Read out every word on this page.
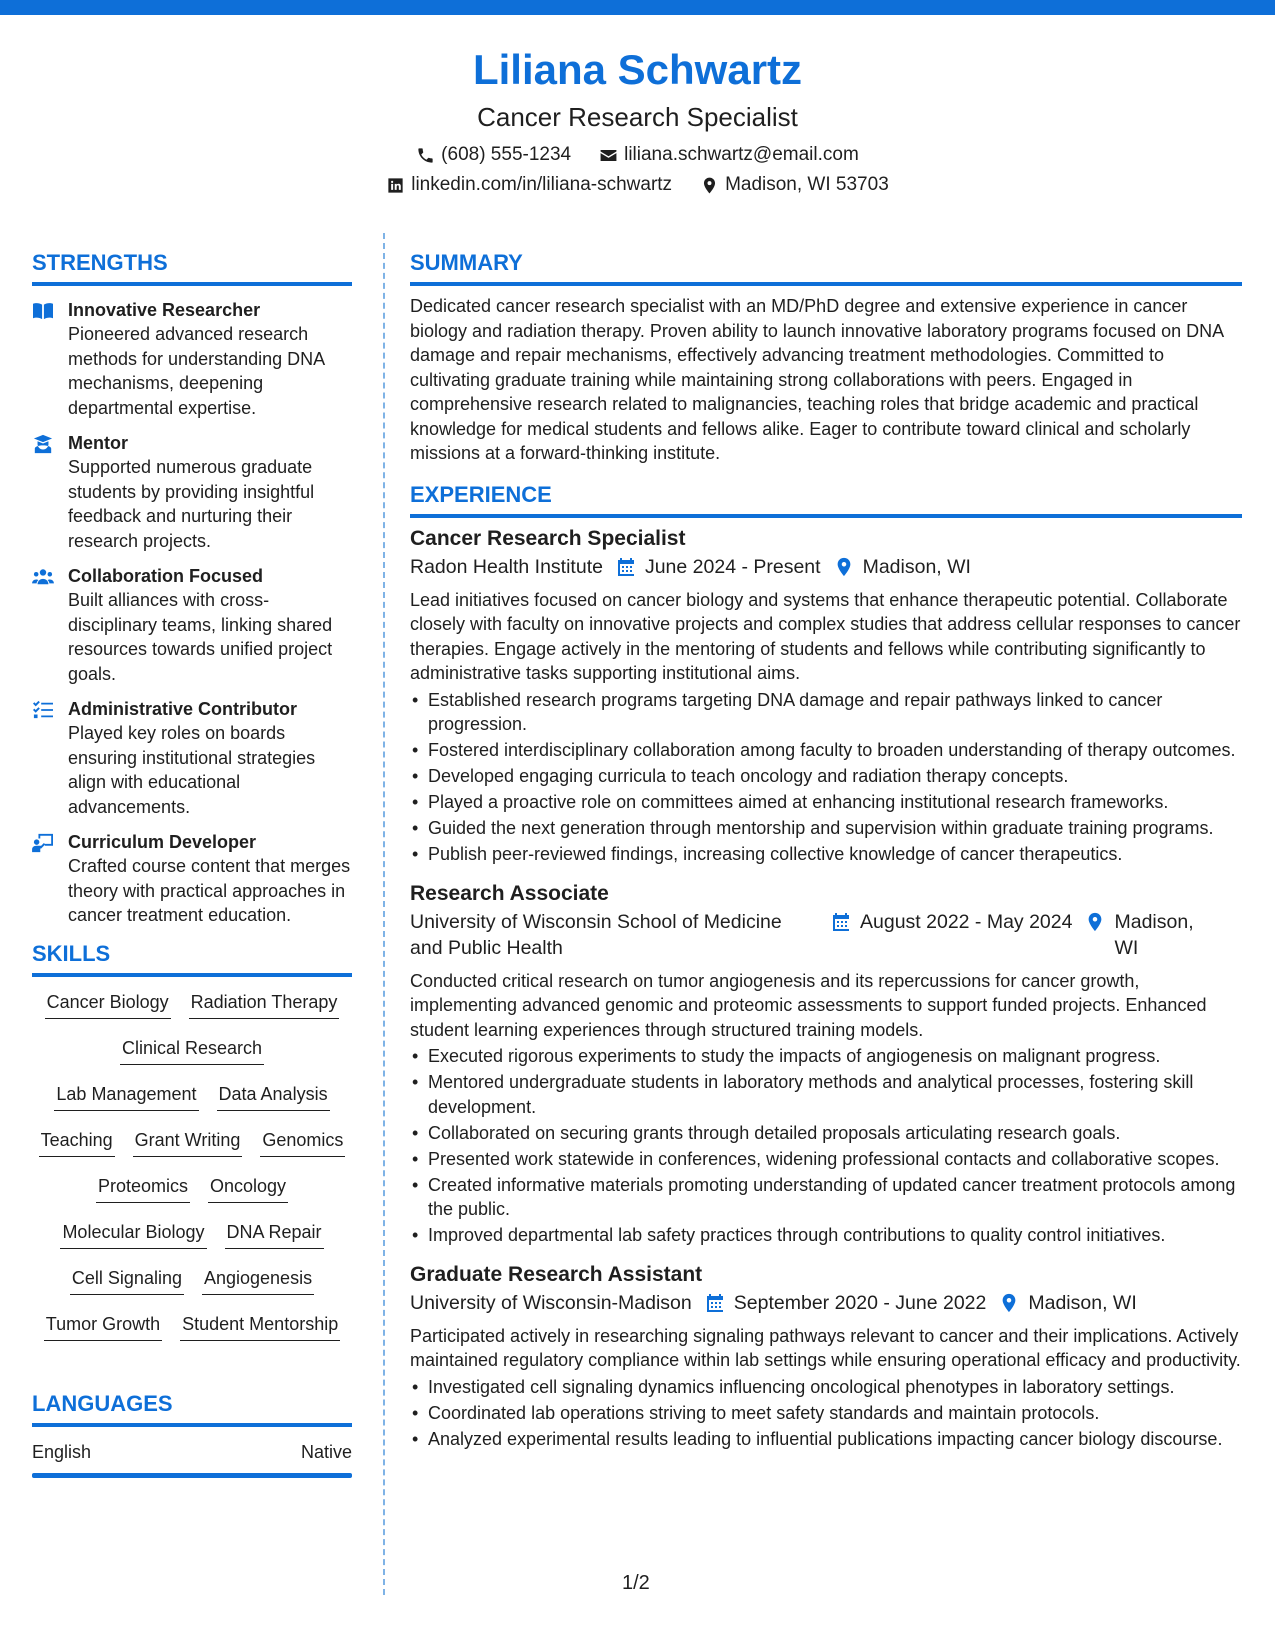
Liliana Schwartz
Cancer Research Specialist
(608) 555-1234	liliana.schwartz@email.com
linkedin.com/in/liliana-schwartz	Madison, WI 53703
STRENGTHS
Innovative Researcher
Pioneered advanced research methods for understanding DNA mechanisms, deepening departmental expertise.
Mentor
Supported numerous graduate students by providing insightful feedback and nurturing their research projects.
Collaboration Focused
Built alliances with cross-disciplinary teams, linking shared resources towards unified project goals.
Administrative Contributor
Played key roles on boards ensuring institutional strategies align with educational advancements.
Curriculum Developer
Crafted course content that merges theory with practical approaches in cancer treatment education.
SKILLS
Cancer Biology Radiation Therapy
Clinical Research
Lab Management Data Analysis
Teaching Grant Writing Genomics
Proteomics Oncology
Molecular Biology DNA Repair
Cell Signaling Angiogenesis
Tumor Growth Student Mentorship
LANGUAGES
English	Native
SUMMARY
Dedicated cancer research specialist with an MD/PhD degree and extensive experience in cancer biology and radiation therapy. Proven ability to launch innovative laboratory programs focused on DNA damage and repair mechanisms, effectively advancing treatment methodologies. Committed to cultivating graduate training while maintaining strong collaborations with peers. Engaged in comprehensive research related to malignancies, teaching roles that bridge academic and practical knowledge for medical students and fellows alike. Eager to contribute toward clinical and scholarly missions at a forward-thinking institute.
EXPERIENCE
Cancer Research Specialist
Radon Health Institute June 2024 - Present Madison, WI
Lead initiatives focused on cancer biology and systems that enhance therapeutic potential. Collaborate closely with faculty on innovative projects and complex studies that address cellular responses to cancer therapies. Engage actively in the mentoring of students and fellows while contributing significantly to administrative tasks supporting institutional aims.
• Established research programs targeting DNA damage and repair pathways linked to cancer progression.
• Fostered interdisciplinary collaboration among faculty to broaden understanding of therapy outcomes.
• Developed engaging curricula to teach oncology and radiation therapy concepts.
• Played a proactive role on committees aimed at enhancing institutional research frameworks.
• Guided the next generation through mentorship and supervision within graduate training programs.
• Publish peer-reviewed findings, increasing collective knowledge of cancer therapeutics.
Research Associate
University of Wisconsin School of Medicine and Public Health
August 2022 - May 2024 Madison, WI
Conducted critical research on tumor angiogenesis and its repercussions for cancer growth, implementing advanced genomic and proteomic assessments to support funded projects. Enhanced student learning experiences through structured training models.
• Executed rigorous experiments to study the impacts of angiogenesis on malignant progress.
• Mentored undergraduate students in laboratory methods and analytical processes, fostering skill development.
• Collaborated on securing grants through detailed proposals articulating research goals.
• Presented work statewide in conferences, widening professional contacts and collaborative scopes.
• Created informative materials promoting understanding of updated cancer treatment protocols among the public.
• Improved departmental lab safety practices through contributions to quality control initiatives.
Graduate Research Assistant
University of Wisconsin-Madison September 2020 - June 2022 Madison, WI
Participated actively in researching signaling pathways relevant to cancer and their implications. Actively maintained regulatory compliance within lab settings while ensuring operational efficacy and productivity.
• Investigated cell signaling dynamics influencing oncological phenotypes in laboratory settings.
• Coordinated lab operations striving to meet safety standards and maintain protocols.
• Analyzed experimental results leading to influential publications impacting cancer biology discourse.
1/2
